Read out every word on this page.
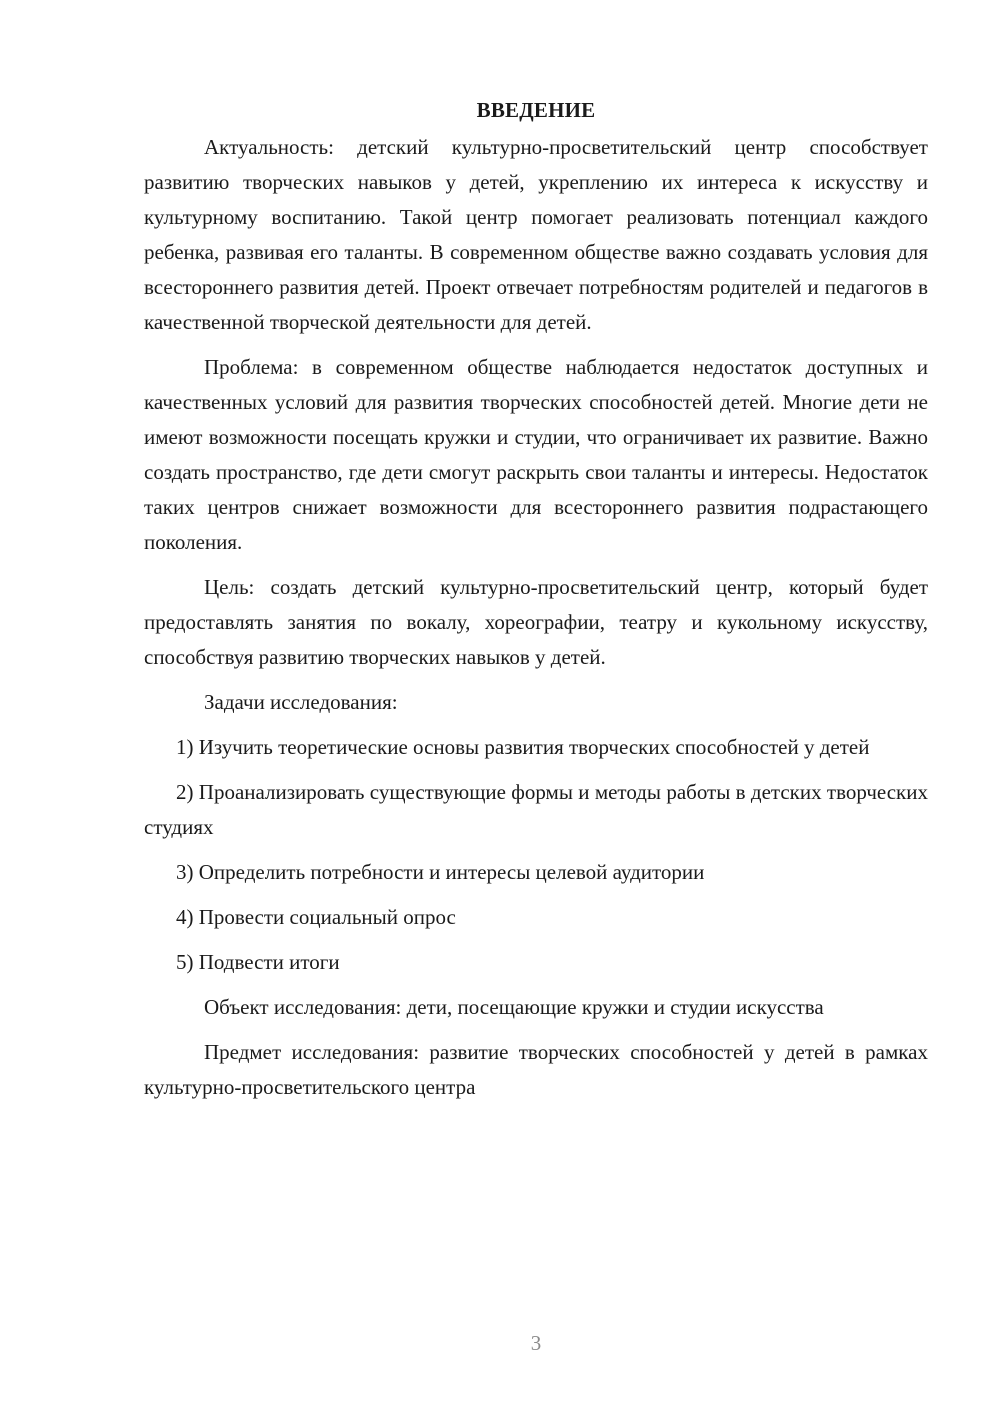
ВВЕДЕНИЕ

Актуальность: детский культурно-просветительский центр способствует развитию творческих навыков у детей, укреплению их интереса к искусству и культурному воспитанию. Такой центр помогает реализовать потенциал каждого ребенка, развивая его таланты. В современном обществе важно создавать условия для всестороннего развития детей. Проект отвечает потребностям родителей и педагогов в качественной творческой деятельности для детей.

Проблема: в современном обществе наблюдается недостаток доступных и качественных условий для развития творческих способностей детей. Многие дети не имеют возможности посещать кружки и студии, что ограничивает их развитие. Важно создать пространство, где дети смогут раскрыть свои таланты и интересы. Недостаток таких центров снижает возможности для всестороннего развития подрастающего поколения.

Цель: создать детский культурно-просветительский центр, который будет предоставлять занятия по вокалу, хореографии, театру и кукольному искусству, способствуя развитию творческих навыков у детей.

Задачи исследования:

1) Изучить теоретические основы развития творческих способностей у детей

2) Проанализировать существующие формы и методы работы в детских творческих студиях

3) Определить потребности и интересы целевой аудитории

4) Провести социальный опрос

5) Подвести итоги

Объект исследования: дети, посещающие кружки и студии искусства

Предмет исследования: развитие творческих способностей у детей в рамках культурно-просветительского центра

3
